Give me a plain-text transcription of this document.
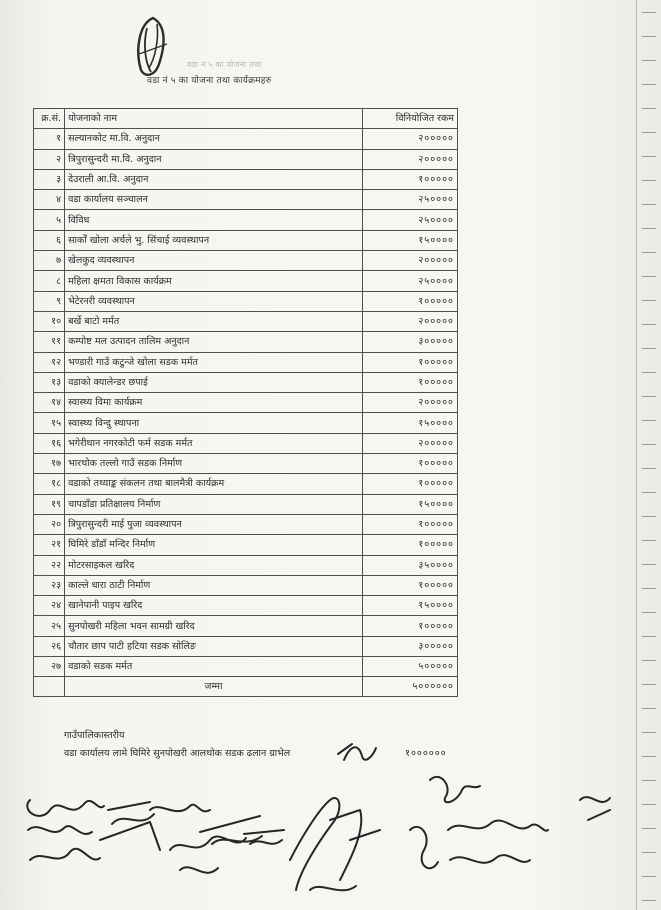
वडा नं ५ का योजना तथा
वडा नं ५ का योजना तथा कार्यक्रमहरु
क्र.सं.	योजनाको नाम	विनियोजित रकम
१	सल्यानकोट मा.वि. अनुदान	२०००००
२	त्रिपुरासुन्दरी मा.वि. अनुदान	२०००००
३	देउराली आ.वि. अनुदान	१०००००
४	वडा कार्यालय सञ्चालन	२५००००
५	विविध	२५००००
६	सार्कों खोला अर्चले भु. सिंचाई व्यवस्थापन	१५००००
७	खेलकुद व्यवस्थापन	२०००००
८	महिला क्षमता विकास कार्यक्रम	२५००००
९	भेटेरनरी व्यवस्थापन	१०००००
१०	बर्खे बाटो मर्मत	२०००००
११	कम्पोष्ट मल उत्पादन तालिम अनुदान	३०००००
१२	भण्डारी गाउँ कटुन्जे खोला सडक मर्मत	१०००००
१३	वडाको क्यालेन्डर छपाई	१०००००
१४	स्वास्थ्य विमा कार्यक्रम	२०००००
१५	स्वास्थ्य विन्दु स्थापना	१५००००
१६	भगेरीथान नगरकोटी फर्म सडक मर्मत	२०००००
१७	भारथोक तल्लो गाउँ सडक निर्माण	१०००००
१८	वडाको तथ्याङ्क संकलन तथा बालमैत्री कार्यक्रम	१०००००
१९	चापडाँडा प्रतिक्षालय निर्माण	१५००००
२०	त्रिपुरासुन्दरी माई पुजा व्यवस्थापन	१०००००
२१	घिमिरे डाँडाँ मन्दिर निर्माण	१०००००
२२	मोटरसाइकल खरिद	३५००००
२३	काल्ले धारा ठाटी निर्माण	१०००००
२४	खानेपानी पाइप खरिद	१५००००
२५	सुनपोखरी महिला भवन सामग्री खरिद	१०००००
२६	चौतार छाप पाटी हटिया सडक सोलिङ	३०००००
२७	वडाको सडक मर्मत	५०००००
	जम्मा	५००००००
गाउँपालिकास्तरीय
वडा कार्यालय लामे घिमिरे सुनपोखरी आलथोक सडक ढलान ग्राभेल	१००००००
